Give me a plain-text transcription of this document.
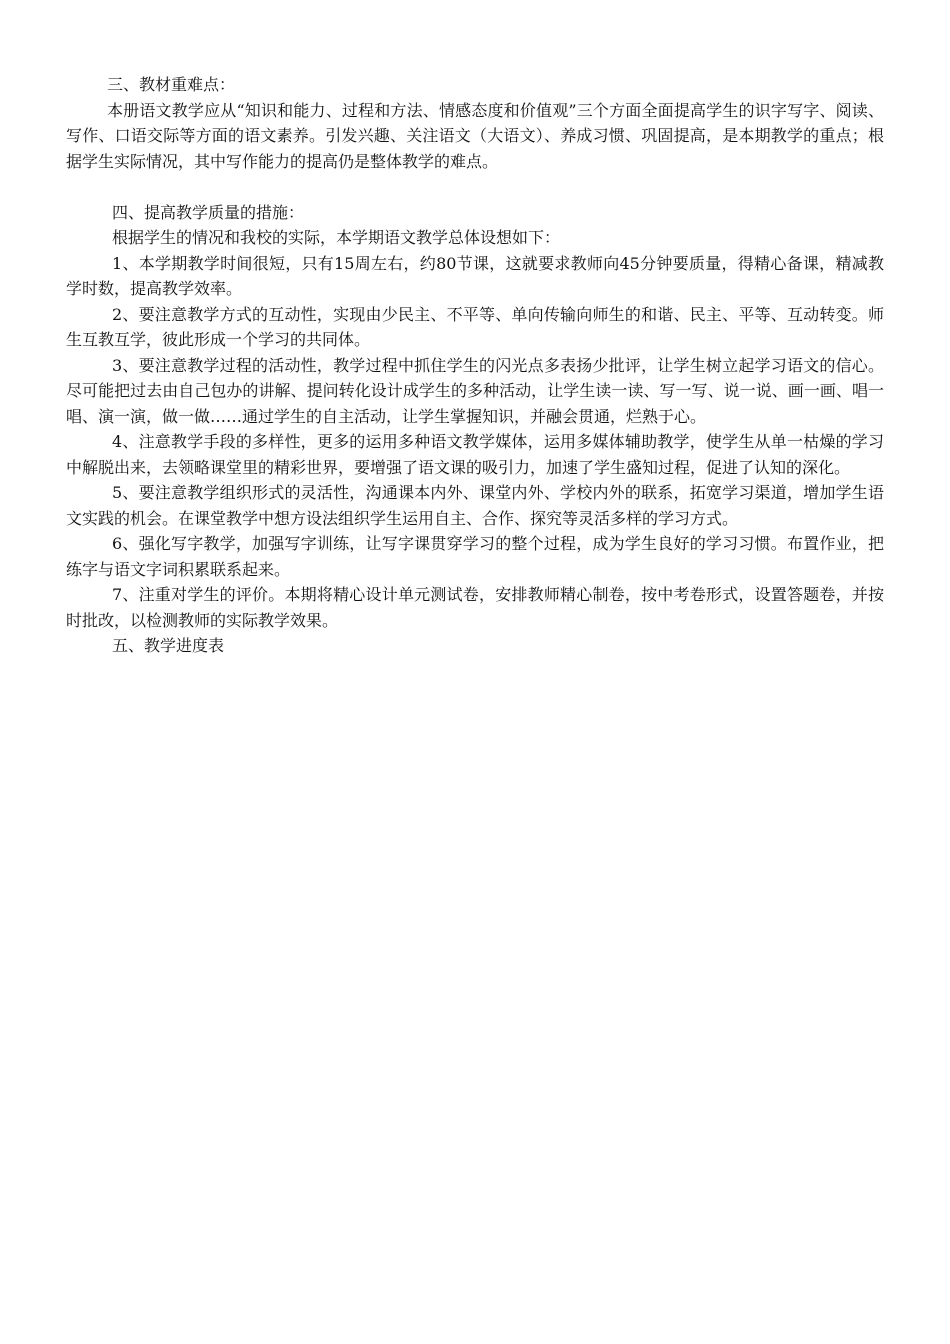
三、教材重难点：

本册语文教学应从“知识和能力、过程和方法、情感态度和价值观”三个方面全面提高学生的识字写字、阅读、写作、口语交际等方面的语文素养。引发兴趣、关注语文（大语文）、养成习惯、巩固提高，是本期教学的重点；根据学生实际情况，其中写作能力的提高仍是整体教学的难点。

四、提高教学质量的措施：

根据学生的情况和我校的实际，本学期语文教学总体设想如下：

1、本学期教学时间很短，只有15周左右，约80节课，这就要求教师向45分钟要质量，得精心备课，精减教学时数，提高教学效率。

2、要注意教学方式的互动性，实现由少民主、不平等、单向传输向师生的和谐、民主、平等、互动转变。师生互教互学，彼此形成一个学习的共同体。

3、要注意教学过程的活动性，教学过程中抓住学生的闪光点多表扬少批评，让学生树立起学习语文的信心。尽可能把过去由自己包办的讲解、提问转化设计成学生的多种活动，让学生读一读、写一写、说一说、画一画、唱一唱、演一演，做一做……通过学生的自主活动，让学生掌握知识，并融会贯通，烂熟于心。

4、注意教学手段的多样性，更多的运用多种语文教学媒体，运用多媒体辅助教学，使学生从单一枯燥的学习中解脱出来，去领略课堂里的精彩世界，要增强了语文课的吸引力，加速了学生盛知过程，促进了认知的深化。

5、要注意教学组织形式的灵活性，沟通课本内外、课堂内外、学校内外的联系，拓宽学习渠道，增加学生语文实践的机会。在课堂教学中想方设法组织学生运用自主、合作、探究等灵活多样的学习方式。

6、强化写字教学，加强写字训练，让写字课贯穿学习的整个过程，成为学生良好的学习习惯。布置作业，把练字与语文字词积累联系起来。

7、注重对学生的评价。本期将精心设计单元测试卷，安排教师精心制卷，按中考卷形式，设置答题卷，并按时批改，以检测教师的实际教学效果。

五、教学进度表
